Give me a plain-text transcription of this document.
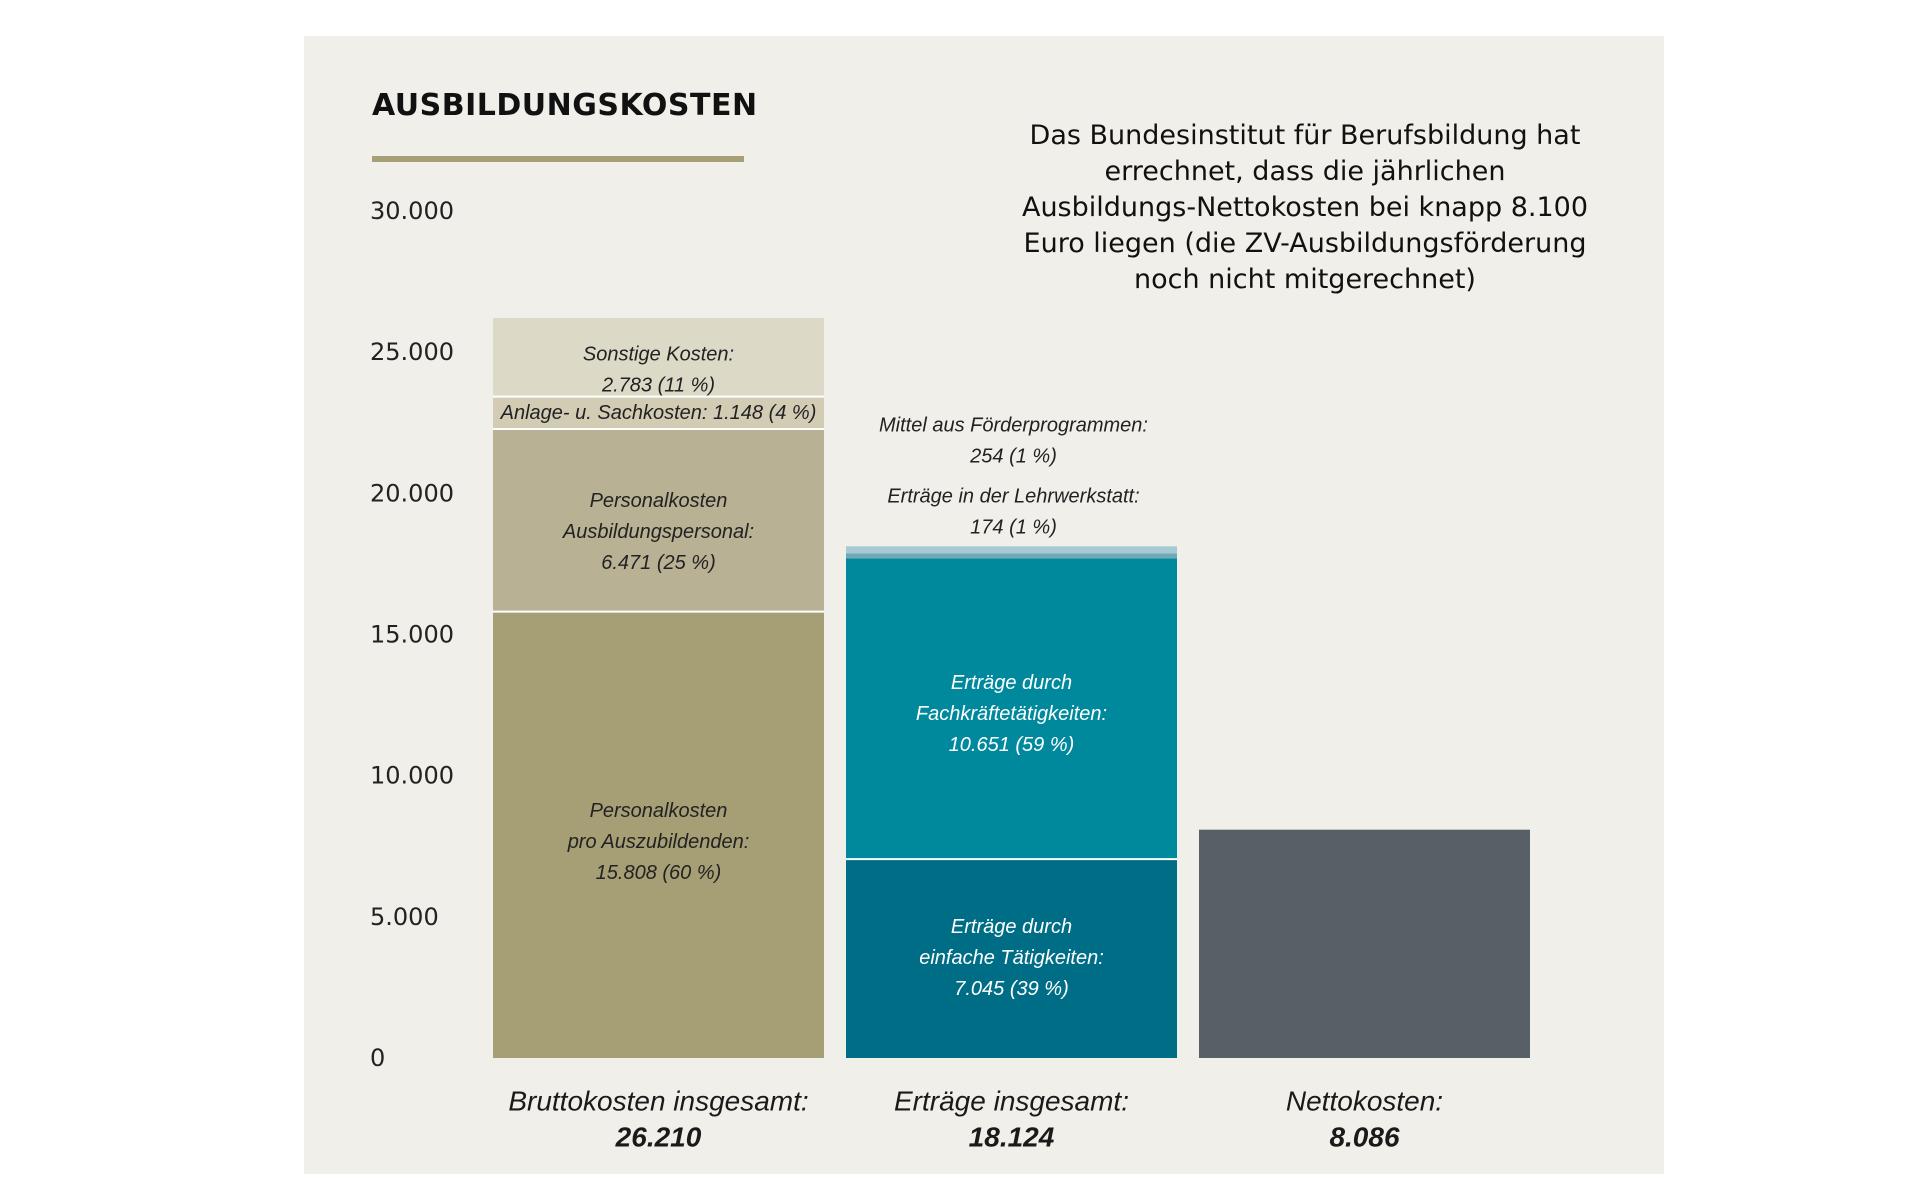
AUSBILDUNGSKOSTEN
Das Bundesinstitut für Berufsbildung hat errechnet, dass die jährlichen Ausbildungs-Nettokosten bei knapp 8.100 Euro liegen (die ZV-Ausbildungsförderung noch nicht mitgerechnet)
0
5.000
10.000
15.000
20.000
25.000
30.000
Personalkosten
pro Auszubildenden:
15.808 (60 %)
Personalkosten
Ausbildungspersonal:
6.471 (25 %)
Anlage- u. Sachkosten: 1.148 (4 %)
Sonstige Kosten:
2.783 (11 %)
Bruttokosten insgesamt:
26.210
Erträge durch
einfache Tätigkeiten:
7.045 (39 %)
Erträge durch
Fachkräftetätigkeiten:
10.651 (59 %)
Mittel aus Förderprogrammen:
254 (1 %)
Erträge in der Lehrwerkstatt:
174 (1 %)
Erträge insgesamt:
18.124
Nettokosten:
8.086
